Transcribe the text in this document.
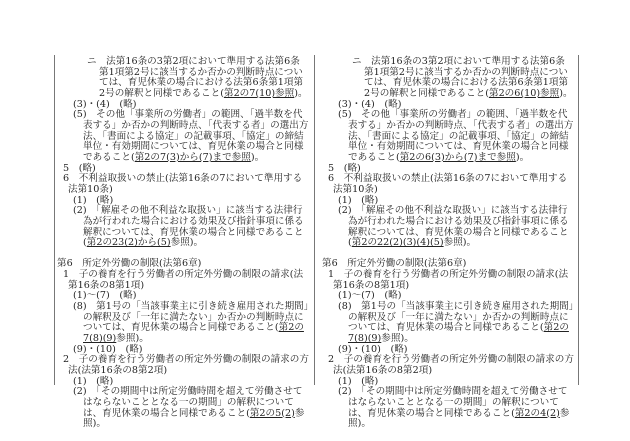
ニ　法第16条の3第2項において準用する法第6条第1項第2号に該当するか否かの判断時点については、育児休業の場合における法第6条第1項第2号の解釈と同様であること(第2の7(10)参照)。

(3)・(4)　(略)

(5)　その他「事業所の労働者」の範囲、「過半数を代表する」か否かの判断時点、「代表する者」の選出方法、「書面による協定」の記載事項、「協定」の締結単位・有効期間については、育児休業の場合と同様であること(第2の7(3)から(7)まで参照)。

5　(略)

6　不利益取扱いの禁止(法第16条の7において準用する法第10条)

(1)　(略)

(2)　「解雇その他不利益な取扱い」に該当する法律行為が行われた場合における効果及び指針事項に係る解釈については、育児休業の場合と同様であること(第2の23(2)から(5)参照)。

第6　所定外労働の制限(法第6章)

1　子の養育を行う労働者の所定外労働の制限の請求(法第16条の8第1項)

(1)～(7)　(略)

(8)　第1号の「当該事業主に引き続き雇用された期間」の解釈及び「一年に満たない」か否かの判断時点については、育児休業の場合と同様であること(第2の7(8)(9)参照)。

(9)・(10)　(略)

2　子の養育を行う労働者の所定外労働の制限の請求の方法(法第16条の8第2項)

(1)　(略)

(2)　「その期間中は所定労働時間を超えて労働させてはならないこととなる一の期間」の解釈については、育児休業の場合と同様であること(第2の5(2)参照)。

ニ　法第16条の3第2項において準用する法第6条第1項第2号に該当するか否かの判断時点については、育児休業の場合における法第6条第1項第2号の解釈と同様であること(第2の6(10)参照)。

(3)・(4)　(略)

(5)　その他「事業所の労働者」の範囲、「過半数を代表する」か否かの判断時点、「代表する者」の選出方法、「書面による協定」の記載事項、「協定」の締結単位・有効期間については、育児休業の場合と同様であること(第2の6(3)から(7)まで参照)。

5　(略)

6　不利益取扱いの禁止(法第16条の7において準用する法第10条)

(1)　(略)

(2)　「解雇その他不利益な取扱い」に該当する法律行為が行われた場合における効果及び指針事項に係る解釈については、育児休業の場合と同様であること(第2の22(2)(3)(4)(5)参照)。

第6　所定外労働の制限(法第6章)

1　子の養育を行う労働者の所定外労働の制限の請求(法第16条の8第1項)

(1)～(7)　(略)

(8)　第1号の「当該事業主に引き続き雇用された期間」の解釈及び「一年に満たない」か否かの判断時点については、育児休業の場合と同様であること(第2の7(8)(9)参照)。

(9)・(10)　(略)

2　子の養育を行う労働者の所定外労働の制限の請求の方法(法第16条の8第2項)

(1)　(略)

(2)　「その期間中は所定労働時間を超えて労働させてはならないこととなる一の期間」の解釈については、育児休業の場合と同様であること(第2の4(2)参照)。
